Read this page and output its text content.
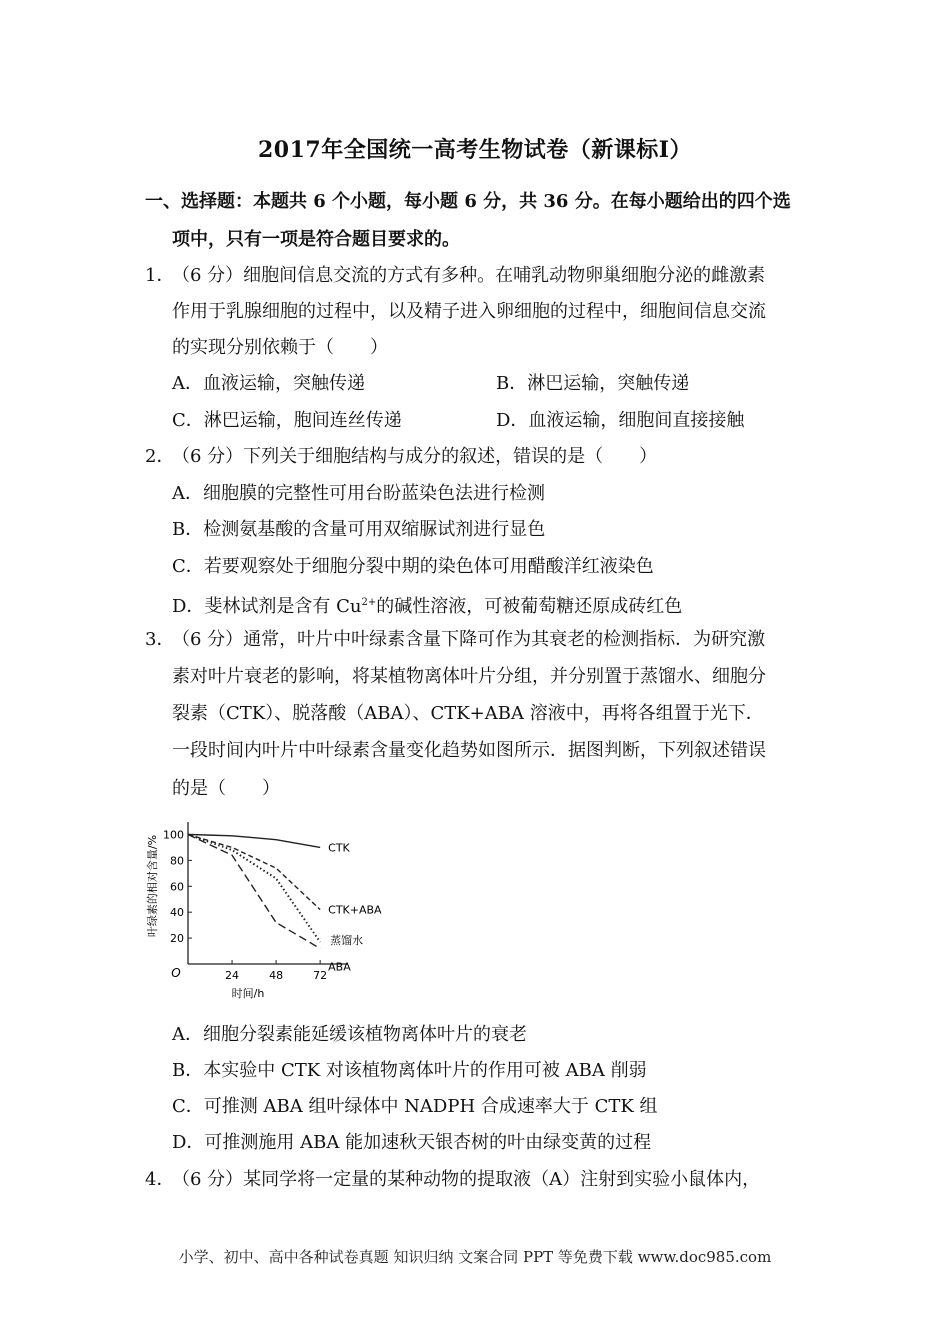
2017年全国统一高考生物试卷（新课标Ⅰ）
一、选择题：本题共 6 个小题，每小题 6 分，共 36 分。在每小题给出的四个选
项中，只有一项是符合题目要求的。
1．
（6 分）细胞间信息交流的方式有多种。在哺乳动物卵巢细胞分泌的雌激素
作用于乳腺细胞的过程中，以及精子进入卵细胞的过程中，细胞间信息交流
的实现分别依赖于（　　）
A．血液运输，突触传递	B．淋巴运输，突触传递
C．淋巴运输，胞间连丝传递	D．血液运输，细胞间直接接触
2．
（6 分）下列关于细胞结构与成分的叙述，错误的是（　　）
A．细胞膜的完整性可用台盼蓝染色法进行检测
B．检测氨基酸的含量可用双缩脲试剂进行显色
C．若要观察处于细胞分裂中期的染色体可用醋酸洋红液染色
D．斐林试剂是含有 $Cu^{2+}$的碱性溶液，可被葡萄糖还原成砖红色
3．
（6 分）通常，叶片中叶绿素含量下降可作为其衰老的检测指标．为研究激
素对叶片衰老的影响，将某植物离体叶片分组，并分别置于蒸馏水、细胞分
裂素（CTK）、脱落酸（ABA）、CTK+ABA 溶液中，再将各组置于光下．
一段时间内叶片中叶绿素含量变化趋势如图所示．据图判断，下列叙述错误
的是（　　）
20
40
60
80
100
24	48	72
O
时间/h
叶绿素的相对含量/%	CTK
CTK+ABA
蒸馏水
ABA
A．细胞分裂素能延缓该植物离体叶片的衰老
B．本实验中 CTK 对该植物离体叶片的作用可被 ABA 削弱
C．可推测 ABA 组叶绿体中 NADPH 合成速率大于 CTK 组
D．可推测施用 ABA 能加速秋天银杏树的叶由绿变黄的过程
4．
（6 分）某同学将一定量的某种动物的提取液（A）注射到实验小鼠体内，
小学、初中、高中各种试卷真题 知识归纳 文案合同 PPT 等免费下载 www.doc985.com
